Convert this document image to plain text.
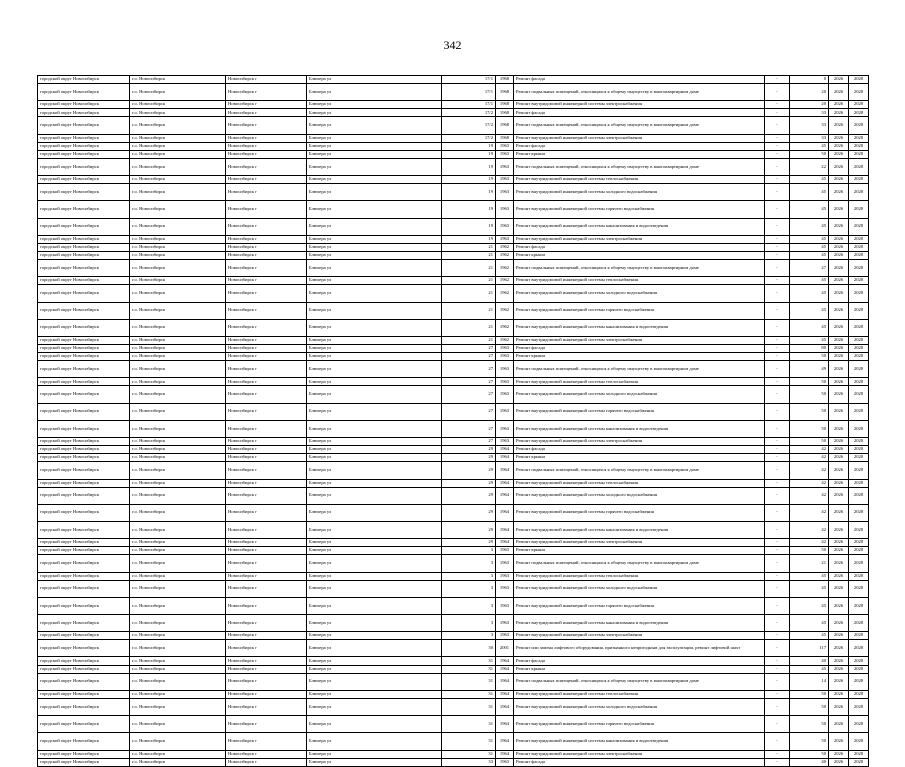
342
городской округ Новосибирск	г.о. Новосибирск	Новосибирск г	Блюхера ул	17/1	1968	Ремонт фасада	-	0	2026	2028
городской округ Новосибирск	г.о. Новосибирск	Новосибирск г	Блюхера ул	17/1	1968	Ремонт подвальных помещений, относящихся к общему имуществу в многоквартирном доме	-	20	2026	2028
городской округ Новосибирск	г.о. Новосибирск	Новосибирск г	Блюхера ул	17/1	1968	Ремонт внутридомовой инженерной системы электроснабжения	-	20	2026	2028
городской округ Новосибирск	г.о. Новосибирск	Новосибирск г	Блюхера ул	17/2	1968	Ремонт фасада	-	33	2026	2028
городской округ Новосибирск	г.о. Новосибирск	Новосибирск г	Блюхера ул	17/2	1968	Ремонт подвальных помещений, относящихся к общему имуществу в многоквартирном доме	-	33	2026	2028
городской округ Новосибирск	г.о. Новосибирск	Новосибирск г	Блюхера ул	17/2	1968	Ремонт внутридомовой инженерной системы электроснабжения	-	33	2026	2028
городской округ Новосибирск	г.о. Новосибирск	Новосибирск г	Блюхера ул	19	1963	Ремонт фасада	-	45	2026	2028
городской округ Новосибирск	г.о. Новосибирск	Новосибирск г	Блюхера ул	19	1963	Ремонт крыши	-	50	2026	2028
городской округ Новосибирск	г.о. Новосибирск	Новосибирск г	Блюхера ул	19	1963	Ремонт подвальных помещений, относящихся к общему имуществу в многоквартирном доме	-	22	2026	2028
городской округ Новосибирск	г.о. Новосибирск	Новосибирск г	Блюхера ул	19	1963	Ремонт внутридомовой инженерной системы теплоснабжения	-	45	2026	2028
городской округ Новосибирск	г.о. Новосибирск	Новосибирск г	Блюхера ул	19	1963	Ремонт внутридомовой инженерной системы холодного водоснабжения	-	45	2026	2028
городской округ Новосибирск	г.о. Новосибирск	Новосибирск г	Блюхера ул	19	1963	Ремонт внутридомовой инженерной системы горячего водоснабжения	-	45	2026	2028
городской округ Новосибирск	г.о. Новосибирск	Новосибирск г	Блюхера ул	19	1963	Ремонт внутридомовой инженерной системы канализования и водоотведения	-	45	2026	2028
городской округ Новосибирск	г.о. Новосибирск	Новосибирск г	Блюхера ул	19	1963	Ремонт внутридомовой инженерной системы электроснабжения	-	45	2026	2028
городской округ Новосибирск	г.о. Новосибирск	Новосибирск г	Блюхера ул	21	1962	Ремонт фасада	-	45	2026	2028
городской округ Новосибирск	г.о. Новосибирск	Новосибирск г	Блюхера ул	21	1962	Ремонт крыши	-	45	2026	2028
городской округ Новосибирск	г.о. Новосибирск	Новосибирск г	Блюхера ул	21	1962	Ремонт подвальных помещений, относящихся к общему имуществу в многоквартирном доме	-	27	2026	2028
городской округ Новосибирск	г.о. Новосибирск	Новосибирск г	Блюхера ул	21	1962	Ремонт внутридомовой инженерной системы теплоснабжения	-	45	2026	2028
городской округ Новосибирск	г.о. Новосибирск	Новосибирск г	Блюхера ул	21	1962	Ремонт внутридомовой инженерной системы холодного водоснабжения	-	45	2026	2028
городской округ Новосибирск	г.о. Новосибирск	Новосибирск г	Блюхера ул	21	1962	Ремонт внутридомовой инженерной системы горячего водоснабжения	-	45	2026	2028
городской округ Новосибирск	г.о. Новосибирск	Новосибирск г	Блюхера ул	21	1962	Ремонт внутридомовой инженерной системы канализования и водоотведения	-	45	2026	2028
городской округ Новосибирск	г.о. Новосибирск	Новосибирск г	Блюхера ул	21	1962	Ремонт внутридомовой инженерной системы электроснабжения	-	45	2026	2028
городской округ Новосибирск	г.о. Новосибирск	Новосибирск г	Блюхера ул	27	1963	Ремонт фасада	-	80	2026	2028
городской округ Новосибирск	г.о. Новосибирск	Новосибирск г	Блюхера ул	27	1963	Ремонт крыши	-	50	2026	2028
городской округ Новосибирск	г.о. Новосибирск	Новосибирск г	Блюхера ул	27	1963	Ремонт подвальных помещений, относящихся к общему имуществу в многоквартирном доме	-	49	2026	2028
городской округ Новосибирск	г.о. Новосибирск	Новосибирск г	Блюхера ул	27	1963	Ремонт внутридомовой инженерной системы теплоснабжения	-	50	2026	2028
городской округ Новосибирск	г.о. Новосибирск	Новосибирск г	Блюхера ул	27	1963	Ремонт внутридомовой инженерной системы холодного водоснабжения	-	50	2026	2028
городской округ Новосибирск	г.о. Новосибирск	Новосибирск г	Блюхера ул	27	1963	Ремонт внутридомовой инженерной системы горячего водоснабжения	-	50	2026	2028
городской округ Новосибирск	г.о. Новосибирск	Новосибирск г	Блюхера ул	27	1963	Ремонт внутридомовой инженерной системы канализования и водоотведения	-	50	2026	2028
городской округ Новосибирск	г.о. Новосибирск	Новосибирск г	Блюхера ул	27	1963	Ремонт внутридомовой инженерной системы электроснабжения	-	50	2026	2028
городской округ Новосибирск	г.о. Новосибирск	Новосибирск г	Блюхера ул	29	1964	Ремонт фасада	-	42	2026	2028
городской округ Новосибирск	г.о. Новосибирск	Новосибирск г	Блюхера ул	29	1964	Ремонт крыши	-	42	2026	2028
городской округ Новосибирск	г.о. Новосибирск	Новосибирск г	Блюхера ул	29	1964	Ремонт подвальных помещений, относящихся к общему имуществу в многоквартирном доме	-	42	2026	2028
городской округ Новосибирск	г.о. Новосибирск	Новосибирск г	Блюхера ул	29	1964	Ремонт внутридомовой инженерной системы теплоснабжения	-	42	2026	2028
городской округ Новосибирск	г.о. Новосибирск	Новосибирск г	Блюхера ул	29	1964	Ремонт внутридомовой инженерной системы холодного водоснабжения	-	42	2026	2028
городской округ Новосибирск	г.о. Новосибирск	Новосибирск г	Блюхера ул	29	1964	Ремонт внутридомовой инженерной системы горячего водоснабжения	-	42	2026	2028
городской округ Новосибирск	г.о. Новосибирск	Новосибирск г	Блюхера ул	29	1964	Ремонт внутридомовой инженерной системы канализования и водоотведения	-	42	2026	2028
городской округ Новосибирск	г.о. Новосибирск	Новосибирск г	Блюхера ул	29	1964	Ремонт внутридомовой инженерной системы электроснабжения	-	42	2026	2028
городской округ Новосибирск	г.о. Новосибирск	Новосибирск г	Блюхера ул	3	1963	Ремонт крыши	-	50	2026	2028
городской округ Новосибирск	г.о. Новосибирск	Новосибирск г	Блюхера ул	3	1963	Ремонт подвальных помещений, относящихся к общему имуществу в многоквартирном доме	-	21	2026	2028
городской округ Новосибирск	г.о. Новосибирск	Новосибирск г	Блюхера ул	3	1963	Ремонт внутридомовой инженерной системы теплоснабжения	-	45	2026	2028
городской округ Новосибирск	г.о. Новосибирск	Новосибирск г	Блюхера ул	3	1963	Ремонт внутридомовой инженерной системы холодного водоснабжения	-	45	2026	2028
городской округ Новосибирск	г.о. Новосибирск	Новосибирск г	Блюхера ул	3	1963	Ремонт внутридомовой инженерной системы горячего водоснабжения	-	45	2026	2028
городской округ Новосибирск	г.о. Новосибирск	Новосибирск г	Блюхера ул	3	1963	Ремонт внутридомовой инженерной системы канализования и водоотведения	-	45	2026	2028
городской округ Новосибирск	г.о. Новосибирск	Новосибирск г	Блюхера ул	3	1963	Ремонт внутридомовой инженерной системы электроснабжения	-	45	2026	2028
городской округ Новосибирск	г.о. Новосибирск	Новосибирск г	Блюхера ул	30	2001	Ремонт или замена лифтового оборудования, признанного непригодным для эксплуатации, ремонт лифтовой шахт	-	117	2026	2028
городской округ Новосибирск	г.о. Новосибирск	Новосибирск г	Блюхера ул	31	1964	Ремонт фасада	-	40	2026	2028
городской округ Новосибирск	г.о. Новосибирск	Новосибирск г	Блюхера ул	31	1964	Ремонт крыши	-	45	2026	2028
городской округ Новосибирск	г.о. Новосибирск	Новосибирск г	Блюхера ул	31	1964	Ремонт подвальных помещений, относящихся к общему имуществу в многоквартирном доме	-	14	2026	2028
городской округ Новосибирск	г.о. Новосибирск	Новосибирск г	Блюхера ул	31	1964	Ремонт внутридомовой инженерной системы теплоснабжения	-	50	2026	2028
городской округ Новосибирск	г.о. Новосибирск	Новосибирск г	Блюхера ул	31	1964	Ремонт внутридомовой инженерной системы холодного водоснабжения	-	50	2026	2028
городской округ Новосибирск	г.о. Новосибирск	Новосибирск г	Блюхера ул	31	1964	Ремонт внутридомовой инженерной системы горячего водоснабжения	-	50	2026	2028
городской округ Новосибирск	г.о. Новосибирск	Новосибирск г	Блюхера ул	31	1964	Ремонт внутридомовой инженерной системы канализования и водоотведения	-	50	2026	2028
городской округ Новосибирск	г.о. Новосибирск	Новосибирск г	Блюхера ул	31	1964	Ремонт внутридомовой инженерной системы электроснабжения	-	50	2026	2028
городской округ Новосибирск	г.о. Новосибирск	Новосибирск г	Блюхера ул	33	1963	Ремонт фасада	-	40	2026	2028
